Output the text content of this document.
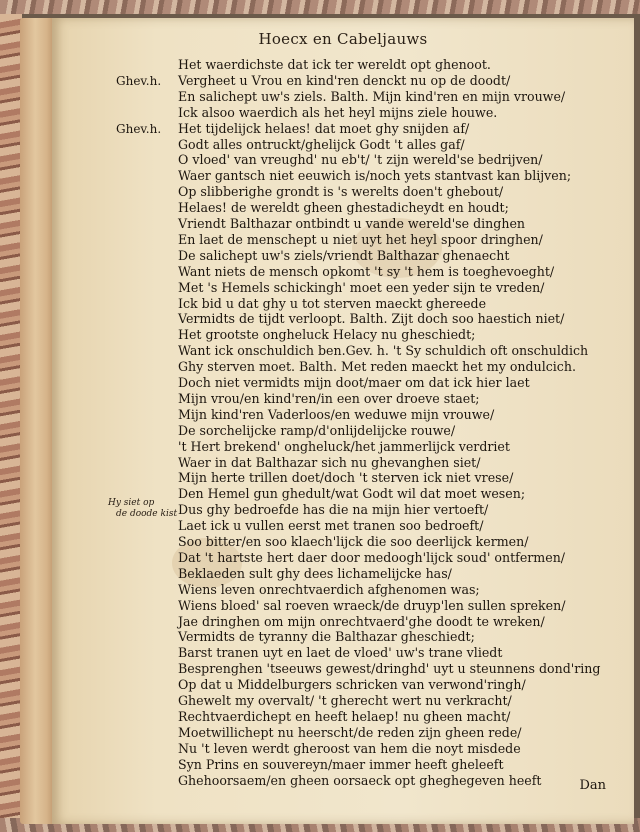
Hoecx en Cabeljauws
Het waerdichste dat ick ter wereldt opt ghenoot.
Ghev.h. Vergheet u Vrou en kind'ren denckt nu op de doodt/
En salichept uw's ziels. Balth. Mijn kind'ren en mijn vrouwe/
Ick alsoo waerdich als het heyl mijns ziele houwe.
Ghev.h. Het tijdelijck helaes! dat moet ghy snijden af/
Godt alles ontruckt/ghelijck Godt 't alles gaf/
O vloed' van vreughd' nu eb't/ 't zijn wereld'se bedrijven/
Waer gantsch niet eeuwich is/noch yets stantvast kan blijven;
Op slibberighe grondt is 's werelts doen't ghebout/
Helaes! de wereldt gheen ghestadicheydt en houdt;
Vriendt Balthazar ontbindt u vande wereld'se dinghen
En laet de menschept u niet uyt het heyl spoor dringhen/
De salichept uw's ziels/vriendt Balthazar ghenaecht
Want niets de mensch opkomt 't sy 't hem is toeghevoeght/
Met 's Hemels schickingh' moet een yeder sijn te vreden/
Ick bid u dat ghy u tot sterven maeckt ghereede
Vermidts de tijdt verloopt. Balth. Zijt doch soo haestich niet/
Het grootste ongheluck Helacy nu gheschiedt;
Want ick onschuldich ben.Gev. h. 't Sy schuldich oft onschuldich
Ghy sterven moet. Balth. Met reden maeckt het my ondulcich.
Doch niet vermidts mijn doot/maer om dat ick hier laet
Mijn vrou/en kind'ren/in een over droeve staet;
Mijn kind'ren Vaderloos/en weduwe mijn vrouwe/
De sorchelijcke ramp/d'onlijdelijcke rouwe/
't Hert brekend' ongheluck/het jammerlijck verdriet
Waer in dat Balthazar sich nu ghevanghen siet/
Mijn herte trillen doet/doch 't sterven ick niet vrese/
Den Hemel gun ghedult/wat Godt wil dat moet wesen;
Dus ghy bedroefde has die na mijn hier vertoeft/
Laet ick u vullen eerst met tranen soo bedroeft/
Soo bitter/en soo klaech'lijck die soo deerlijck kermen/
Dat 't hartste hert daer door medoogh'lijck soud' ontfermen/
Beklaeden sult ghy dees lichamelijcke has/
Wiens leven onrechtvaerdich afghenomen was;
Wiens bloed' sal roeven wraeck/de druyp'len sullen spreken/
Jae dringhen om mijn onrechtvaerd'ghe doodt te wreken/
Vermidts de tyranny die Balthazar gheschiedt;
Barst tranen uyt en laet de vloed' uw's trane vliedt
Besprenghen 'tseeuws gewest/dringhd' uyt u steunnens dond'ring
Op dat u Middelburgers schricken van verwond'ringh/
Ghewelt my overvalt/ 't gherecht wert nu verkracht/
Rechtvaerdichept en heeft helaep! nu gheen macht/
Moetwillichept nu heerscht/de reden zijn gheen rede/
Nu 't leven werdt gheroost van hem die noyt misdede
Syn Prins en souvereyn/maer immer heeft gheleeft
Ghehoorsaem/en gheen oorsaeck opt gheghegeven heeft
Hy siet op
de doode kist
Dan
